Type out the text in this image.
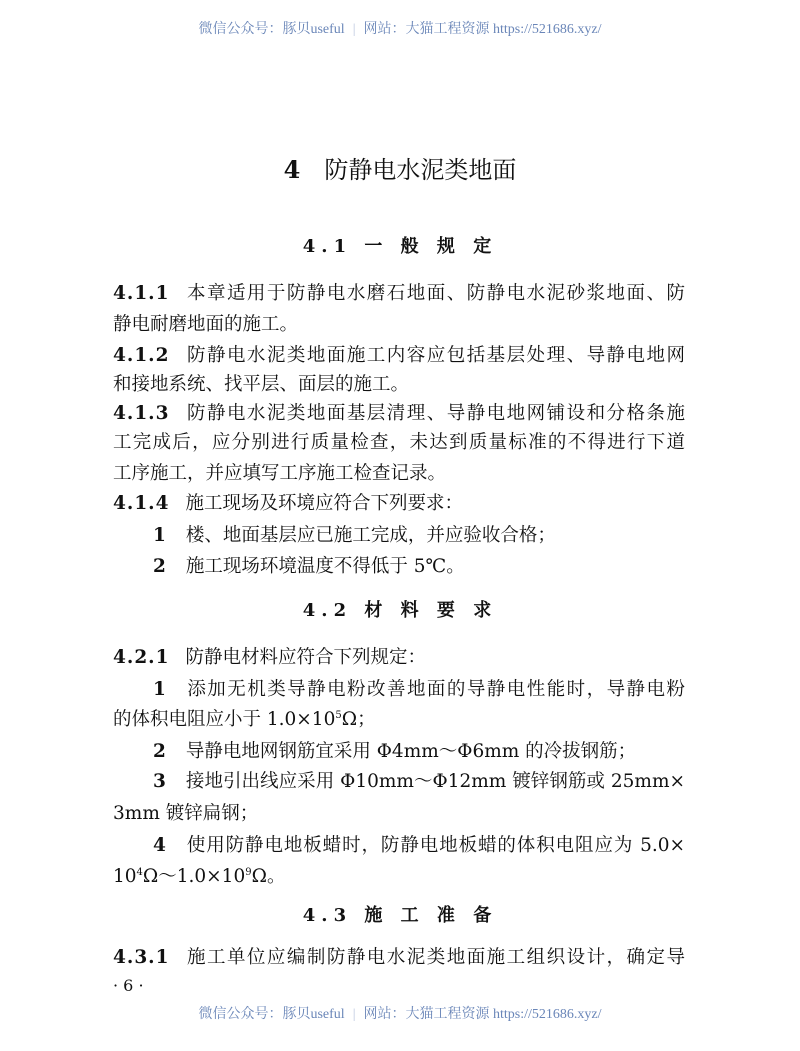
微信公众号：豚贝useful | 网站：大猫工程资源 https://521686.xyz/
4 防静电水泥类地面
4.1 一 般 规 定
4.1.1 本章适用于防静电水磨石地面、防静电水泥砂浆地面、防
静电耐磨地面的施工。
4.1.2 防静电水泥类地面施工内容应包括基层处理、导静电地网
和接地系统、找平层、面层的施工。
4.1.3 防静电水泥类地面基层清理、导静电地网铺设和分格条施
工完成后，应分别进行质量检查，未达到质量标准的不得进行下道
工序施工，并应填写工序施工检查记录。
4.1.4 施工现场及环境应符合下列要求：
1 楼、地面基层应已施工完成，并应验收合格；
2 施工现场环境温度不得低于 5℃。
4.2 材 料 要 求
4.2.1 防静电材料应符合下列规定：
1 添加无机类导静电粉改善地面的导静电性能时，导静电粉
的体积电阻应小于 $1.0\times 10^5\Omega$；
2 导静电地网钢筋宜采用 Φ4mm～Φ6mm 的冷拔钢筋；
3 接地引出线应采用 Φ10mm～Φ12mm 镀锌钢筋或 25mm×
3mm 镀锌扁钢；
4 使用防静电地板蜡时，防静电地板蜡的体积电阻应为 5.0×
$10^4\Omega\sim 1.0\times 10^9\Omega$。
4.3 施 工 准 备
4.3.1 施工单位应编制防静电水泥类地面施工组织设计，确定导
· 6 ·
微信公众号：豚贝useful | 网站：大猫工程资源 https://521686.xyz/
